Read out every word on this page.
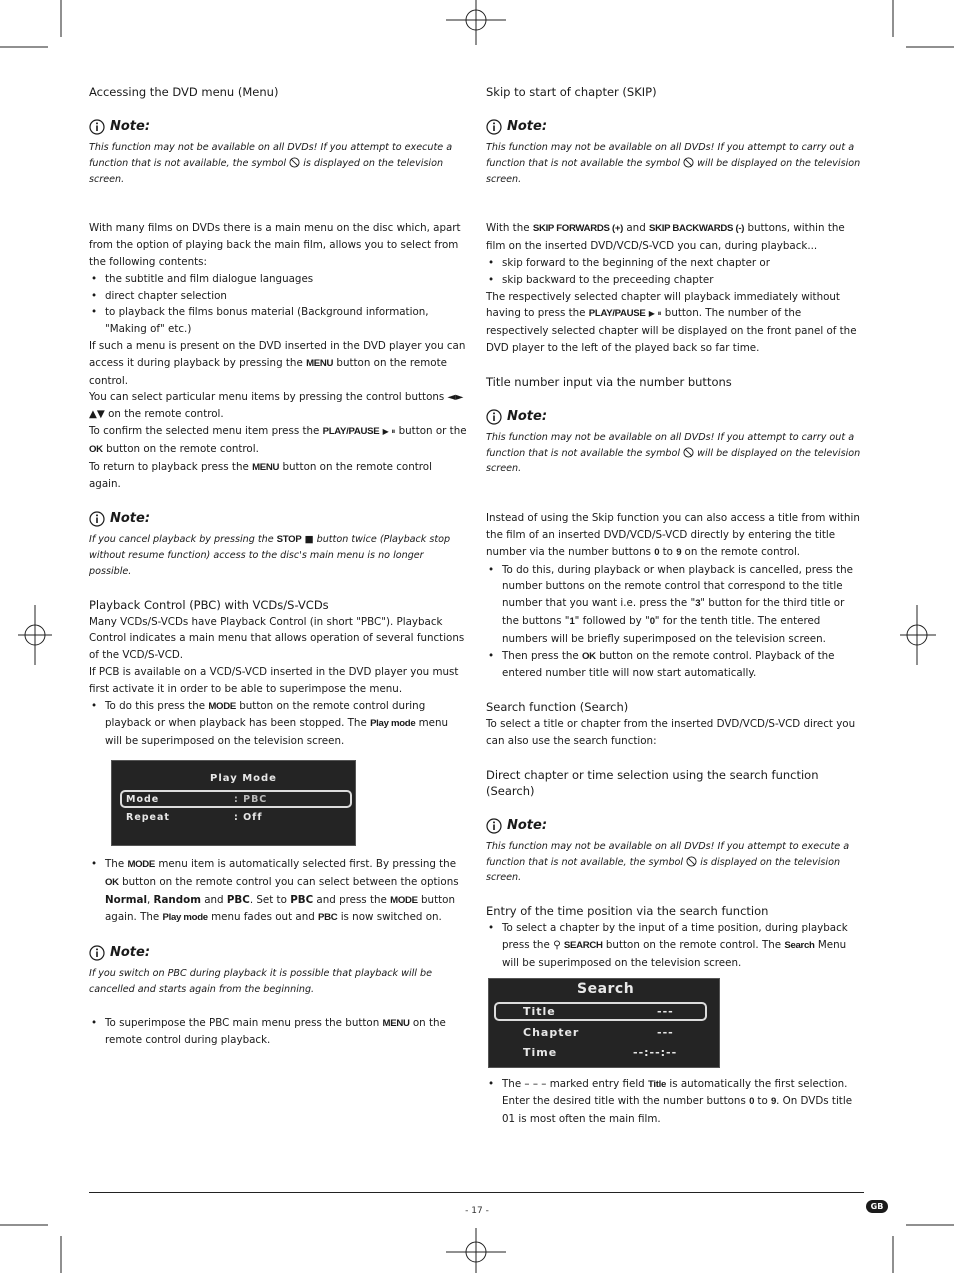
Accessing the DVD menu (Menu)
Note:

This function may not be available on all DVDs! If you attempt to execute a function that is not available, the symbol is displayed on the television screen.

With many films on DVDs there is a main menu on the disc which, apart from the option of playing back the main film, allows you to select from the following contents:

• the subtitle and film dialogue languages
• direct chapter selection
• to playback the films bonus material (Background information, "Making of" etc.)

If such a menu is present on the DVD inserted in the DVD player you can access it during playback by pressing the MENU button on the remote control.

You can select particular menu items by pressing the control buttons ◄► ▲▼ on the remote control.

To confirm the selected menu item press the PLAY/PAUSE ▶ ⏸ button or the OK button on the remote control.

To return to playback press the MENU button on the remote control again.

Note:

If you cancel playback by pressing the STOP ■ button twice (Playback stop without resume function) access to the disc's main menu is no longer possible.

Playback Control (PBC) with VCDs/S-VCDs

Many VCDs/S-VCDs have Playback Control (in short "PBC"). Playback Control indicates a main menu that allows operation of several functions of the VCD/S-VCD.

If PCB is available on a VCD/S-VCD inserted in the DVD player you must first activate it in order to be able to superimpose the menu.

• To do this press the MODE button on the remote control during playback or when playback has been stopped. The Play mode menu will be superimposed on the television screen.
Play Mode
Mode	: PBC
Repeat	: Off
• The MODE menu item is automatically selected first. By pressing the OK button on the remote control you can select between the options Normal, Random and PBC. Set to PBC and press the MODE button again. The Play mode menu fades out and PBC is now switched on.
Note:

If you switch on PBC during playback it is possible that playback will be cancelled and starts again from the beginning.

• To superimpose the PBC main menu press the button MENU on the remote control during playback.
Skip to start of chapter (SKIP)
Note:

This function may not be available on all DVDs! If you attempt to carry out a function that is not available the symbol will be displayed on the television screen.

With the SKIP FORWARDS (+) and SKIP BACKWARDS (-) buttons, within the film on the inserted DVD/VCD/S-VCD you can, during playback...

• skip forward to the beginning of the next chapter or
• skip backward to the preceeding chapter

The respectively selected chapter will playback immediately without having to press the PLAY/PAUSE ▶ ⏸ button. The number of the respectively selected chapter will be displayed on the front panel of the DVD player to the left of the played back so far time.

Title number input via the number buttons
Note:

This function may not be available on all DVDs! If you attempt to carry out a function that is not available the symbol will be displayed on the television screen.

Instead of using the Skip function you can also access a title from within the film of an inserted DVD/VCD/S-VCD directly by entering the title number via the number buttons 0 to 9 on the remote control.

• To do this, during playback or when playback is cancelled, press the number buttons on the remote control that correspond to the title number that you want i.e. press the "3" button for the third title or the buttons "1" followed by "0" for the tenth title. The entered numbers will be briefly superimposed on the television screen.
• Then press the OK button on the remote control. Playback of the entered number title will now start automatically.
Search function (Search)

To select a title or chapter from the inserted DVD/VCD/S-VCD direct you can also use the search function:

Direct chapter or time selection using the search function (Search)
Note:

This function may not be available on all DVDs! If you attempt to execute a function that is not available, the symbol is displayed on the television screen.

Entry of the time position via the search function
• To select a chapter by the input of a time position, during playback press the ⚲ SEARCH button on the remote control. The Search Menu will be superimposed on the television screen.
Search
Title	---
Chapter	---
Time	--:--:--
• The – – – marked entry field Title is automatically the first selection. Enter the desired title with the number buttons 0 to 9. On DVDs title 01 is most often the main film.
- 17 -	GB
